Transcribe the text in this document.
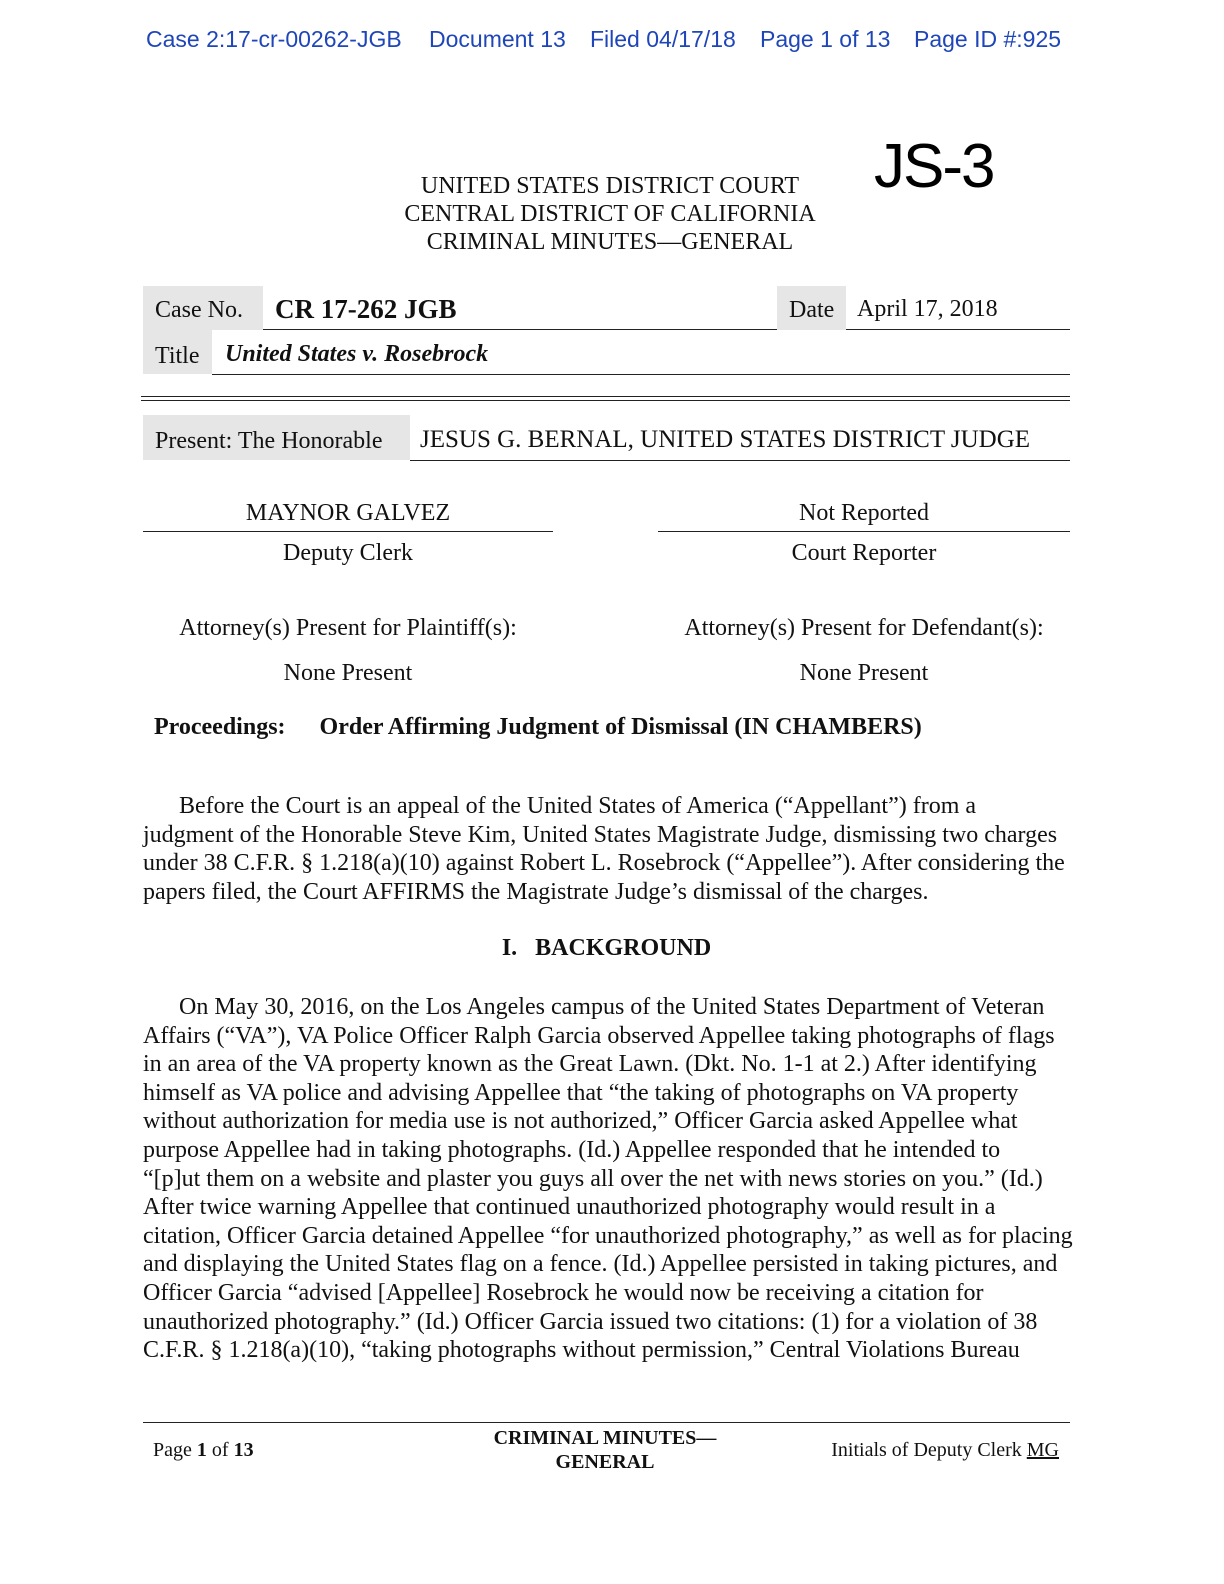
Case 2:17-cr-00262-JGB Document 13 Filed 04/17/18 Page 1 of 13 Page ID #:925
JS-3
UNITED STATES DISTRICT COURT
CENTRAL DISTRICT OF CALIFORNIA
CRIMINAL MINUTES—GENERAL
Case No.	CR 17-262 JGB	Date April 17, 2018
Title	United States v. Rosebrock
Present: The Honorable	JESUS G. BERNAL, UNITED STATES DISTRICT JUDGE
MAYNOR GALVEZ
Deputy Clerk
Not Reported
Court Reporter
Attorney(s) Present for Plaintiff(s):
None Present
Attorney(s) Present for Defendant(s):
None Present
Proceedings: Order Affirming Judgment of Dismissal (IN CHAMBERS)
Before the Court is an appeal of the United States of America (“Appellant”) from a
judgment of the Honorable Steve Kim, United States Magistrate Judge, dismissing two charges
under 38 C.F.R. § 1.218(a)(10) against Robert L. Rosebrock (“Appellee”). After considering the
papers filed, the Court AFFIRMS the Magistrate Judge’s dismissal of the charges.
I.   BACKGROUND
On May 30, 2016, on the Los Angeles campus of the United States Department of Veteran
Affairs (“VA”), VA Police Officer Ralph Garcia observed Appellee taking photographs of flags
in an area of the VA property known as the Great Lawn. (Dkt. No. 1-1 at 2.) After identifying
himself as VA police and advising Appellee that “the taking of photographs on VA property
without authorization for media use is not authorized,” Officer Garcia asked Appellee what
purpose Appellee had in taking photographs. (Id.) Appellee responded that he intended to
“[p]ut them on a website and plaster you guys all over the net with news stories on you.” (Id.)
After twice warning Appellee that continued unauthorized photography would result in a
citation, Officer Garcia detained Appellee “for unauthorized photography,” as well as for placing
and displaying the United States flag on a fence. (Id.) Appellee persisted in taking pictures, and
Officer Garcia “advised [Appellee] Rosebrock he would now be receiving a citation for
unauthorized photography.” (Id.) Officer Garcia issued two citations: (1) for a violation of 38
C.F.R. § 1.218(a)(10), “taking photographs without permission,” Central Violations Bureau
Page 1 of 13
CRIMINAL MINUTES—
GENERAL
Initials of Deputy Clerk MG
